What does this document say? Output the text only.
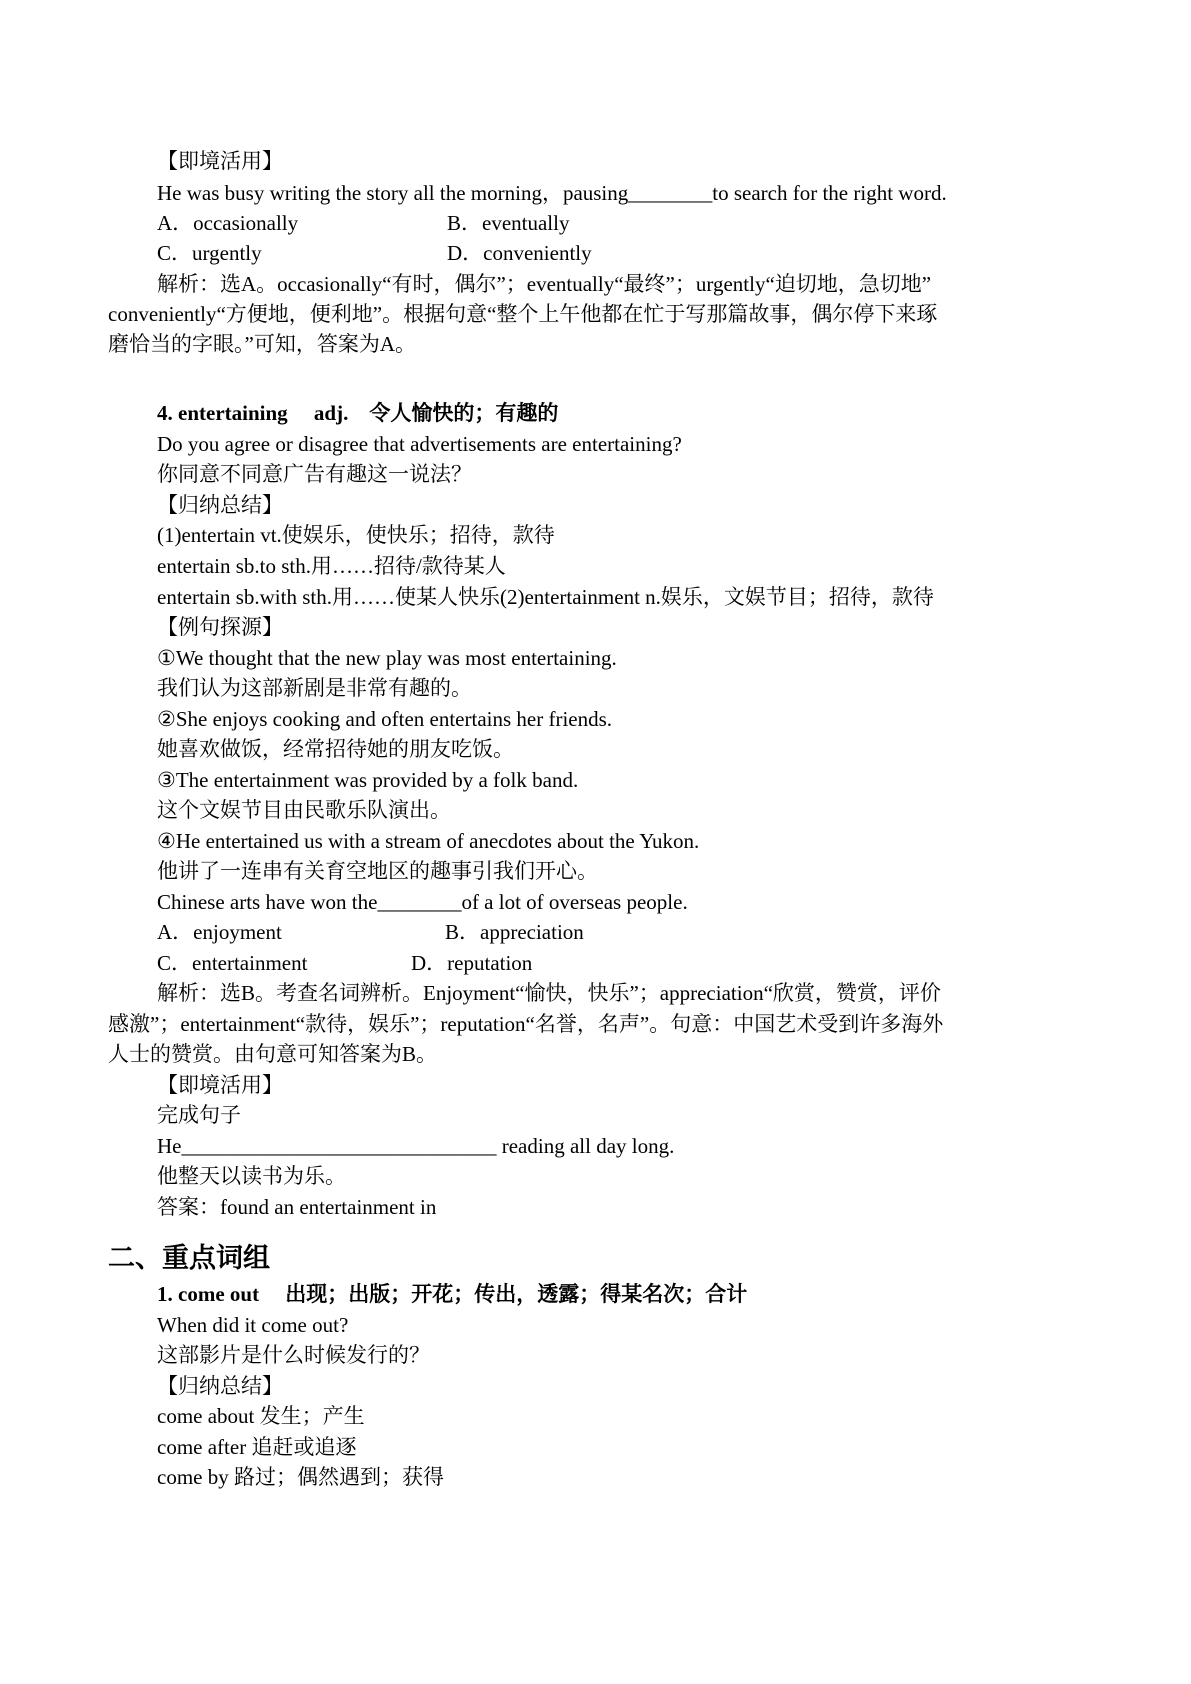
【即境活用】
He was busy writing the story all the morning，pausing________to search for the right word.
A．occasionally	B．eventually
C．urgently	D．conveniently
解析：选A。occasionally“有时，偶尔”；eventually“最终”；urgently“迫切地，急切地”
conveniently“方便地，便利地”。根据句意“整个上午他都在忙于写那篇故事，偶尔停下来琢
磨恰当的字眼。”可知，答案为A。
4. entertaining　 adj.　令人愉快的；有趣的
Do you agree or disagree that advertisements are entertaining?
你同意不同意广告有趣这一说法？
【归纳总结】
(1)entertain vt.使娱乐，使快乐；招待，款待
entertain sb.to sth.用……招待/款待某人
entertain sb.with sth.用……使某人快乐(2)entertainment n.娱乐，文娱节目；招待，款待
【例句探源】
①We thought that the new play was most entertaining.
我们认为这部新剧是非常有趣的。
②She enjoys cooking and often entertains her friends.
她喜欢做饭，经常招待她的朋友吃饭。
③The entertainment was provided by a folk band.
这个文娱节目由民歌乐队演出。
④He entertained us with a stream of anecdotes about the Yukon.
他讲了一连串有关育空地区的趣事引我们开心。
Chinese arts have won the________of a lot of overseas people.
A．enjoyment	B．appreciation
C．entertainment	D．reputation
解析：选B。考查名词辨析。Enjoyment“愉快，快乐”；appreciation“欣赏，赞赏，评价
感激”；entertainment“款待，娱乐”；reputation“名誉，名声”。句意：中国艺术受到许多海外
人士的赞赏。由句意可知答案为B。
【即境活用】
完成句子
He______________________________ reading all day long.
他整天以读书为乐。
答案：found an entertainment in
二、重点词组
1. come out　 出现；出版；开花；传出，透露；得某名次；合计
When did it come out?
这部影片是什么时候发行的？
【归纳总结】
come about 发生；产生
come after 追赶或追逐
come by 路过；偶然遇到；获得
